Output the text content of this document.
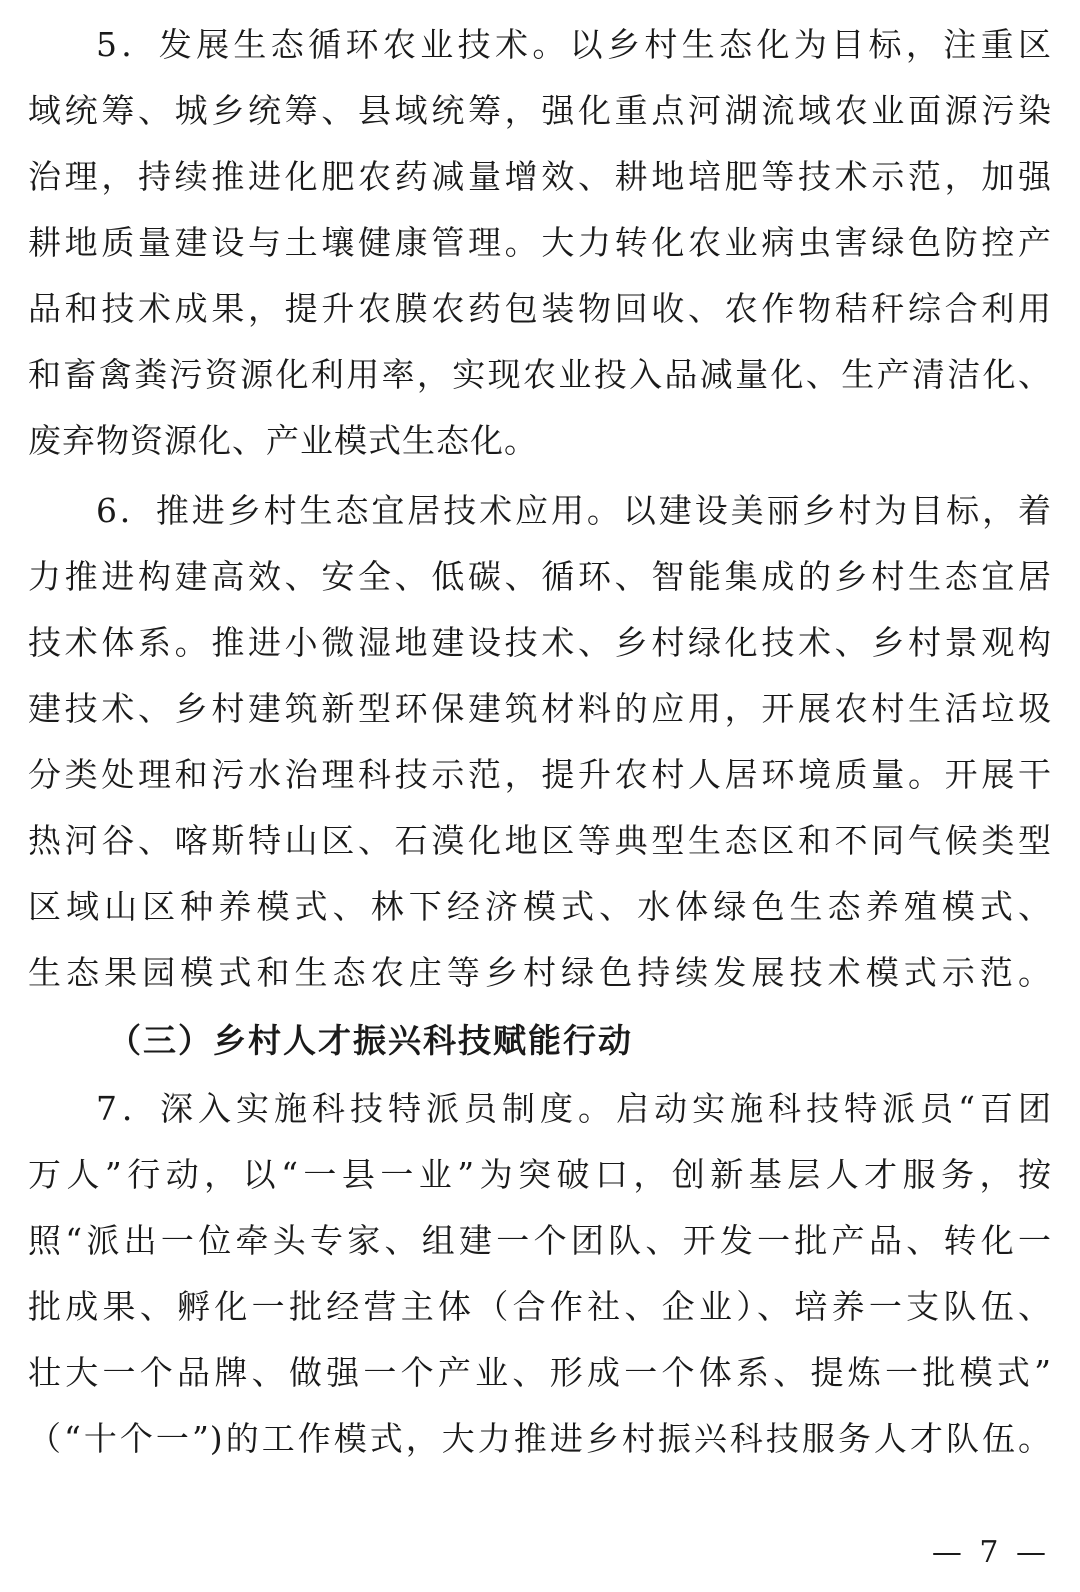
5．发展生态循环农业技术。以乡村生态化为目标，注重区
域统筹、城乡统筹、县域统筹，强化重点河湖流域农业面源污染
治理，持续推进化肥农药减量增效、耕地培肥等技术示范，加强
耕地质量建设与土壤健康管理。大力转化农业病虫害绿色防控产
品和技术成果，提升农膜农药包装物回收、农作物秸秆综合利用
和畜禽粪污资源化利用率，实现农业投入品减量化、生产清洁化、
废弃物资源化、产业模式生态化。
6．推进乡村生态宜居技术应用。以建设美丽乡村为目标，着
力推进构建高效、安全、低碳、循环、智能集成的乡村生态宜居
技术体系。推进小微湿地建设技术、乡村绿化技术、乡村景观构
建技术、乡村建筑新型环保建筑材料的应用，开展农村生活垃圾
分类处理和污水治理科技示范，提升农村人居环境质量。开展干
热河谷、喀斯特山区、石漠化地区等典型生态区和不同气候类型
区域山区种养模式、林下经济模式、水体绿色生态养殖模式、
生态果园模式和生态农庄等乡村绿色持续发展技术模式示范。
（三）乡村人才振兴科技赋能行动
7．深入实施科技特派员制度。启动实施科技特派员“百团
万人”行动，以“一县一业”为突破口，创新基层人才服务，按
照“派出一位牵头专家、组建一个团队、开发一批产品、转化一
批成果、孵化一批经营主体（合作社、企业）、培养一支队伍、
壮大一个品牌、做强一个产业、形成一个体系、提炼一批模式”
（“十个一”)的工作模式，大力推进乡村振兴科技服务人才队伍。
— 7 —
